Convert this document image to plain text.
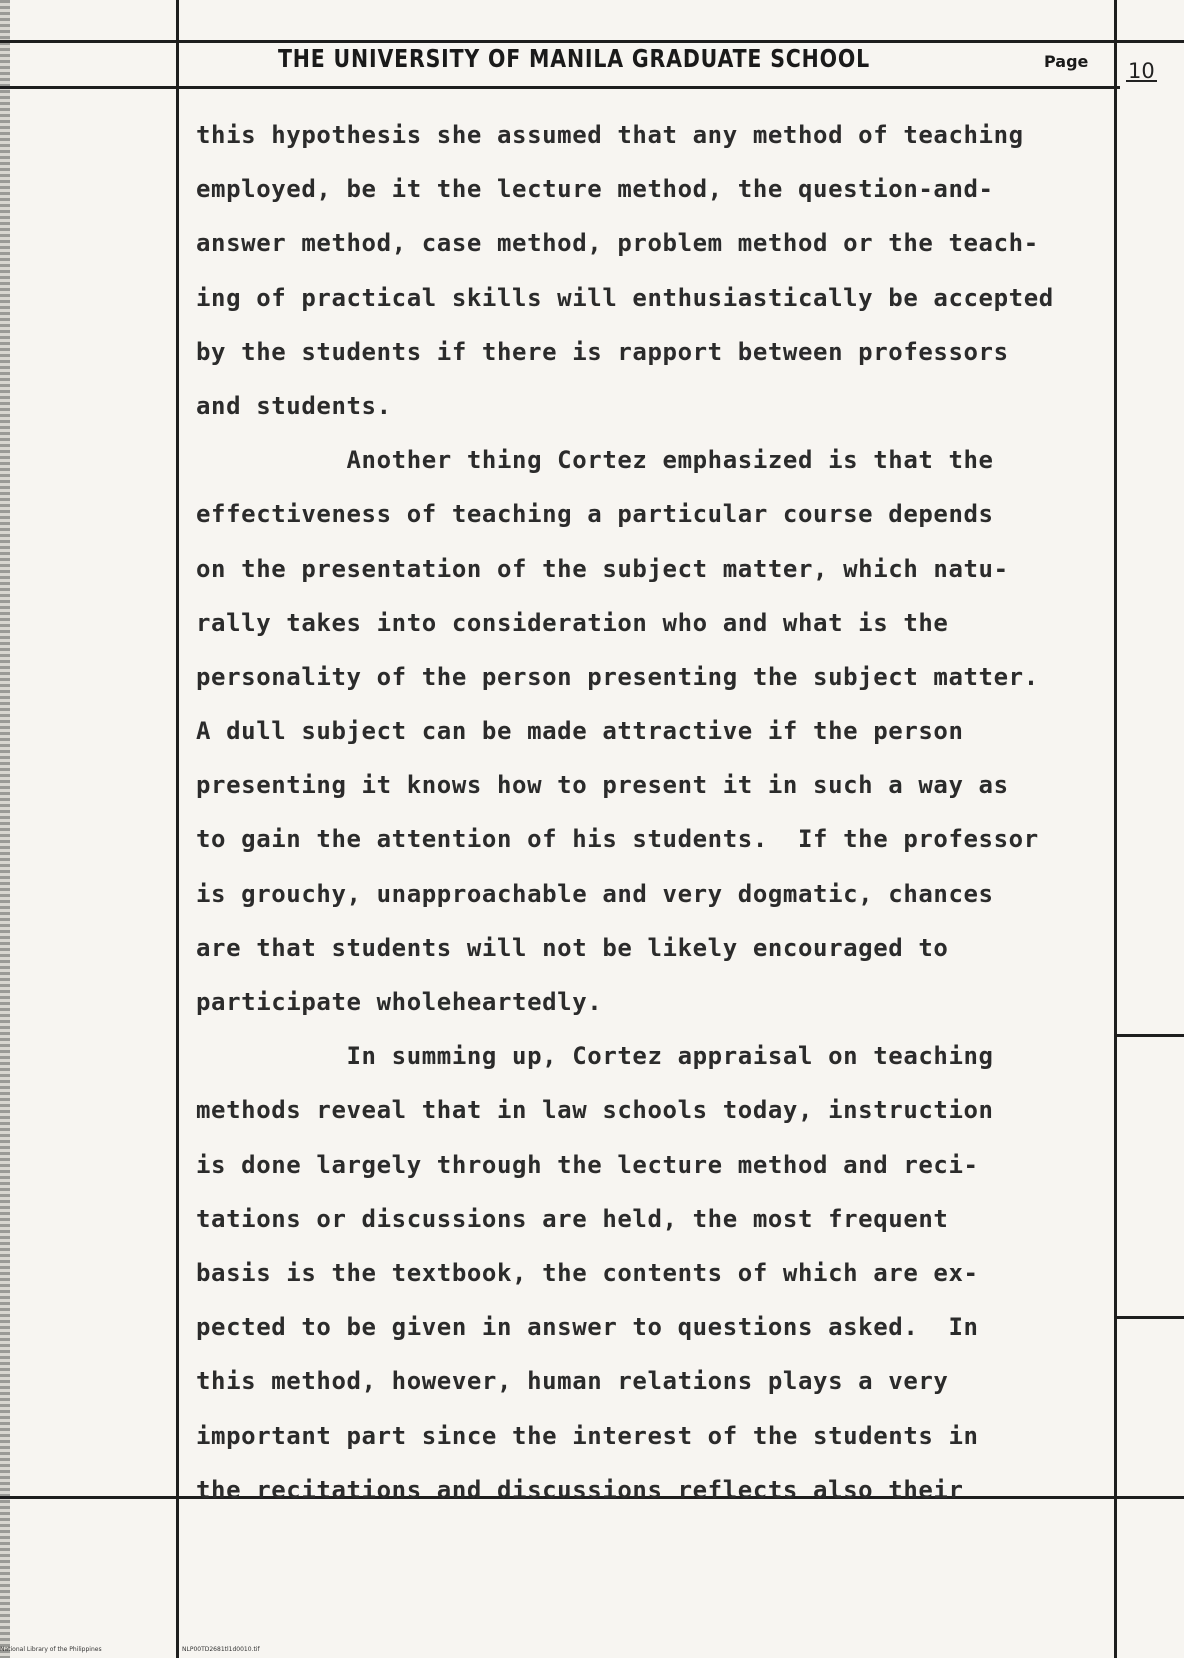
THE UNIVERSITY OF MANILA GRADUATE SCHOOL	Page 10
this hypothesis she assumed that any method of teaching
employed, be it the lecture method, the question-and-
answer method, case method, problem method or the teach-
ing of practical skills will enthusiastically be accepted
by the students if there is rapport between professors
and students.
Another thing Cortez emphasized is that the
effectiveness of teaching a particular course depends
on the presentation of the subject matter, which natu-
rally takes into consideration who and what is the
personality of the person presenting the subject matter.
A dull subject can be made attractive if the person
presenting it knows how to present it in such a way as
to gain the attention of his students.  If the professor
is grouchy, unapproachable and very dogmatic, chances
are that students will not be likely encouraged to
participate wholeheartedly.
In summing up, Cortez appraisal on teaching
methods reveal that in law schools today, instruction
is done largely through the lecture method and reci-
tations or discussions are held, the most frequent
basis is the textbook, the contents of which are ex-
pected to be given in answer to questions asked.  In
this method, however, human relations plays a very
important part since the interest of the students in
the recitations and discussions reflects also their
National Library of the Philippines	NLP00TD2681tl1d0010.tif
